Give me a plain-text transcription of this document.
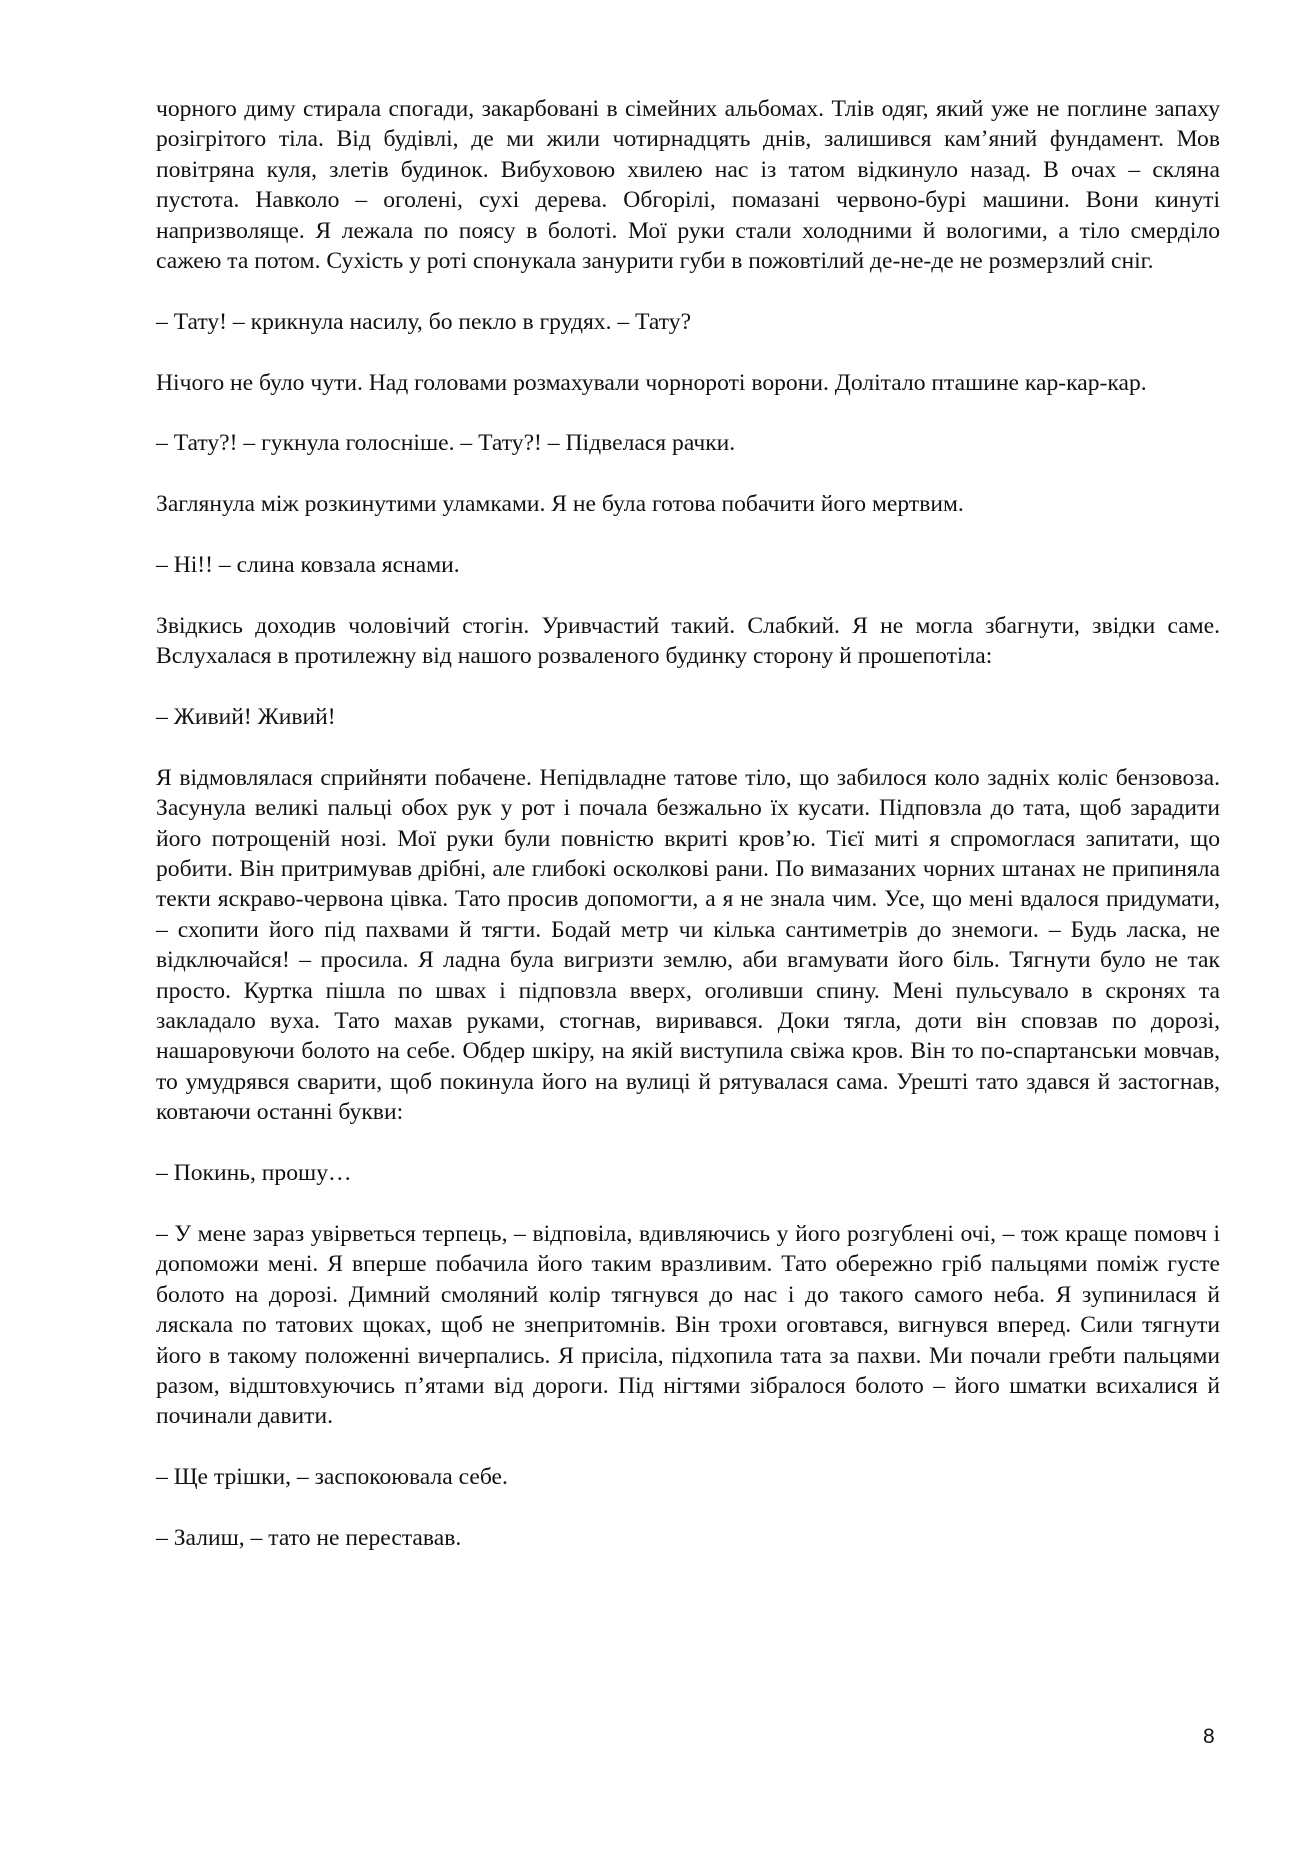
чорного диму стирала спогади, закарбовані в сімейних альбомах. Тлів одяг, який уже не поглине запаху розігрітого тіла. Від будівлі, де ми жили чотирнадцять днів, залишився кам’яний фундамент. Мов повітряна куля, злетів будинок. Вибуховою хвилею нас із татом відкинуло назад. В очах – скляна пустота. Навколо – оголені, сухі дерева. Обгорілі, помазані червоно-бурі машини. Вони кинуті напризволяще. Я лежала по поясу в болоті. Мої руки стали холодними й вологими, а тіло смерділо сажею та потом. Сухість у роті спонукала занурити губи в пожовтілий де-не-де не розмерзлий сніг.

– Тату! – крикнула насилу, бо пекло в грудях. – Тату?

Нічого не було чути. Над головами розмахували чорнороті ворони. Долітало пташине кар-кар-кар.

– Тату?! – гукнула голосніше. – Тату?! – Підвелася рачки.

Заглянула між розкинутими уламками. Я не була готова побачити його мертвим.

– Ні!! – слина ковзала яснами.

Звідкись доходив чоловічий стогін. Уривчастий такий. Слабкий. Я не могла збагнути, звідки саме. Вслухалася в протилежну від нашого розваленого будинку сторону й прошепотіла:

– Живий! Живий!

Я відмовлялася сприйняти побачене. Непідвладне татове тіло, що забилося коло задніх коліс бензовоза. Засунула великі пальці обох рук у рот і почала безжально їх кусати. Підповзла до тата, щоб зарадити його потрощеній нозі. Мої руки були повністю вкриті кров’ю. Тієї миті я спромоглася запитати, що робити. Він притримував дрібні, але глибокі осколкові рани. По вимазаних чорних штанах не припиняла текти яскраво-червона цівка. Тато просив допомогти, а я не знала чим. Усе, що мені вдалося придумати, – схопити його під пахвами й тягти. Бодай метр чи кілька сантиметрів до знемоги. – Будь ласка, не відключайся! – просила. Я ладна була вигризти землю, аби вгамувати його біль. Тягнути було не так просто. Куртка пішла по швах і підповзла вверх, оголивши спину. Мені пульсувало в скронях та закладало вуха. Тато махав руками, стогнав, виривався. Доки тягла, доти він сповзав по дорозі, нашаровуючи болото на себе. Обдер шкіру, на якій виступила свіжа кров. Він то по-спартанськи мовчав, то умудрявся сварити, щоб покинула його на вулиці й рятувалася сама. Урешті тато здався й застогнав, ковтаючи останні букви:

– Покинь, прошу…

– У мене зараз увірветься терпець, – відповіла, вдивляючись у його розгублені очі, – тож краще помовч і допоможи мені. Я вперше побачила його таким вразливим. Тато обережно гріб пальцями поміж густе болото на дорозі. Димний смоляний колір тягнувся до нас і до такого самого неба. Я зупинилася й ляскала по татових щоках, щоб не знепритомнів. Він трохи оговтався, вигнувся вперед. Сили тягнути його в такому положенні вичерпались. Я присіла, підхопила тата за пахви. Ми почали гребти пальцями разом, відштовхуючись п’ятами від дороги. Під нігтями зібралося болото – його шматки всихалися й починали давити.

– Ще трішки, – заспокоювала себе.

– Залиш, – тато не переставав.

8
